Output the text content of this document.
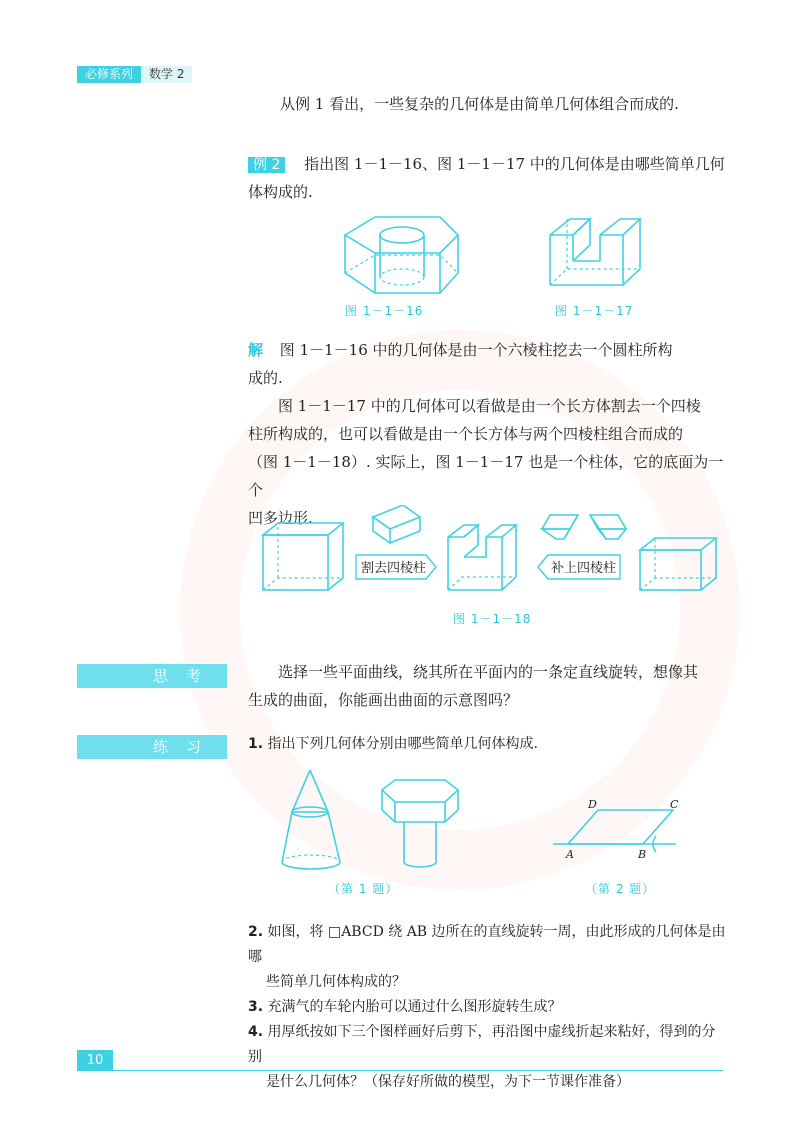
必修系列	数学 2
从例 1 看出，一些复杂的几何体是由简单几何体组合而成的.
例 2 指出图 1－1－16、图 1－1－17 中的几何体是由哪些简单几何
体构成的.
图 1－1－16	图 1－1－17
解 图 1－1－16 中的几何体是由一个六棱柱挖去一个圆柱所构
成的.
图 1－1－17 中的几何体可以看做是由一个长方体割去一个四棱
柱所构成的，也可以看做是由一个长方体与两个四棱柱组合而成的
（图 1－1－18）. 实际上，图 1－1－17 也是一个柱体，它的底面为一个
凹多边形.
割去四棱柱	补上四棱柱
图 1－1－18
思考	选择一些平面曲线，绕其所在平面内的一条定直线旋转，想像其
生成的曲面，你能画出曲面的示意图吗？
练习	1. 指出下列几何体分别由哪些简单几何体构成.
（第 1 题）
D	C
A	B
（第 2 题）
2. 如图，将 □ABCD 绕 AB 边所在的直线旋转一周，由此形成的几何体是由哪
些简单几何体构成的？
3. 充满气的车轮内胎可以通过什么图形旋转生成？
4. 用厚纸按如下三个图样画好后剪下，再沿图中虚线折起来粘好，得到的分别
是什么几何体？（保存好所做的模型，为下一节课作准备）
10
